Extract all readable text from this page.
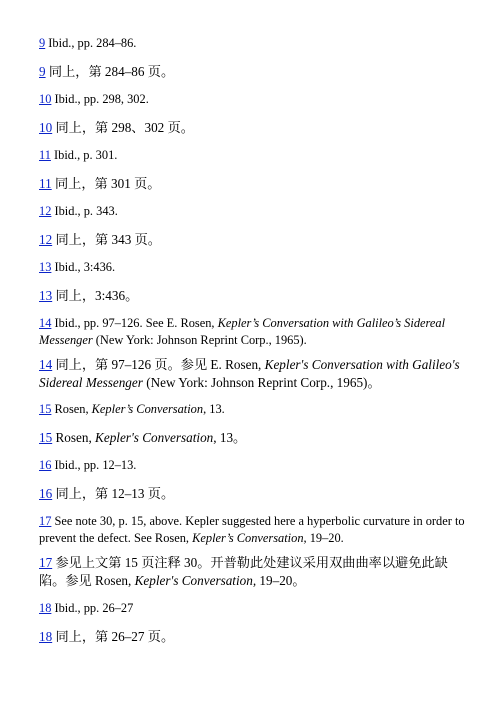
9 Ibid., pp. 284–86.

9 同上，第 284–86 页。

10 Ibid., pp. 298, 302.

10 同上，第 298、302 页。

11 Ibid., p. 301.

11 同上，第 301 页。

12 Ibid., p. 343.

12 同上，第 343 页。

13 Ibid., 3:436.

13 同上，3:436。

14 Ibid., pp. 97–126. See E. Rosen, Kepler’s Conversation with Galileo’s Sidereal Messenger (New York: Johnson Reprint Corp., 1965).

14 同上，第 97–126 页。参见 E. Rosen, Kepler's Conversation with Galileo's Sidereal Messenger (New York: Johnson Reprint Corp., 1965)。

15 Rosen, Kepler’s Conversation, 13.

15 Rosen, Kepler's Conversation, 13。

16 Ibid., pp. 12–13.

16 同上，第 12–13 页。

17 See note 30, p. 15, above. Kepler suggested here a hyperbolic curvature in order to prevent the defect. See Rosen, Kepler’s Conversation, 19–20.

17 参见上文第 15 页注释 30。开普勒此处建议采用双曲曲率以避免此缺陷。参见 Rosen, Kepler's Conversation, 19–20。

18 Ibid., pp. 26–27

18 同上，第 26–27 页。
